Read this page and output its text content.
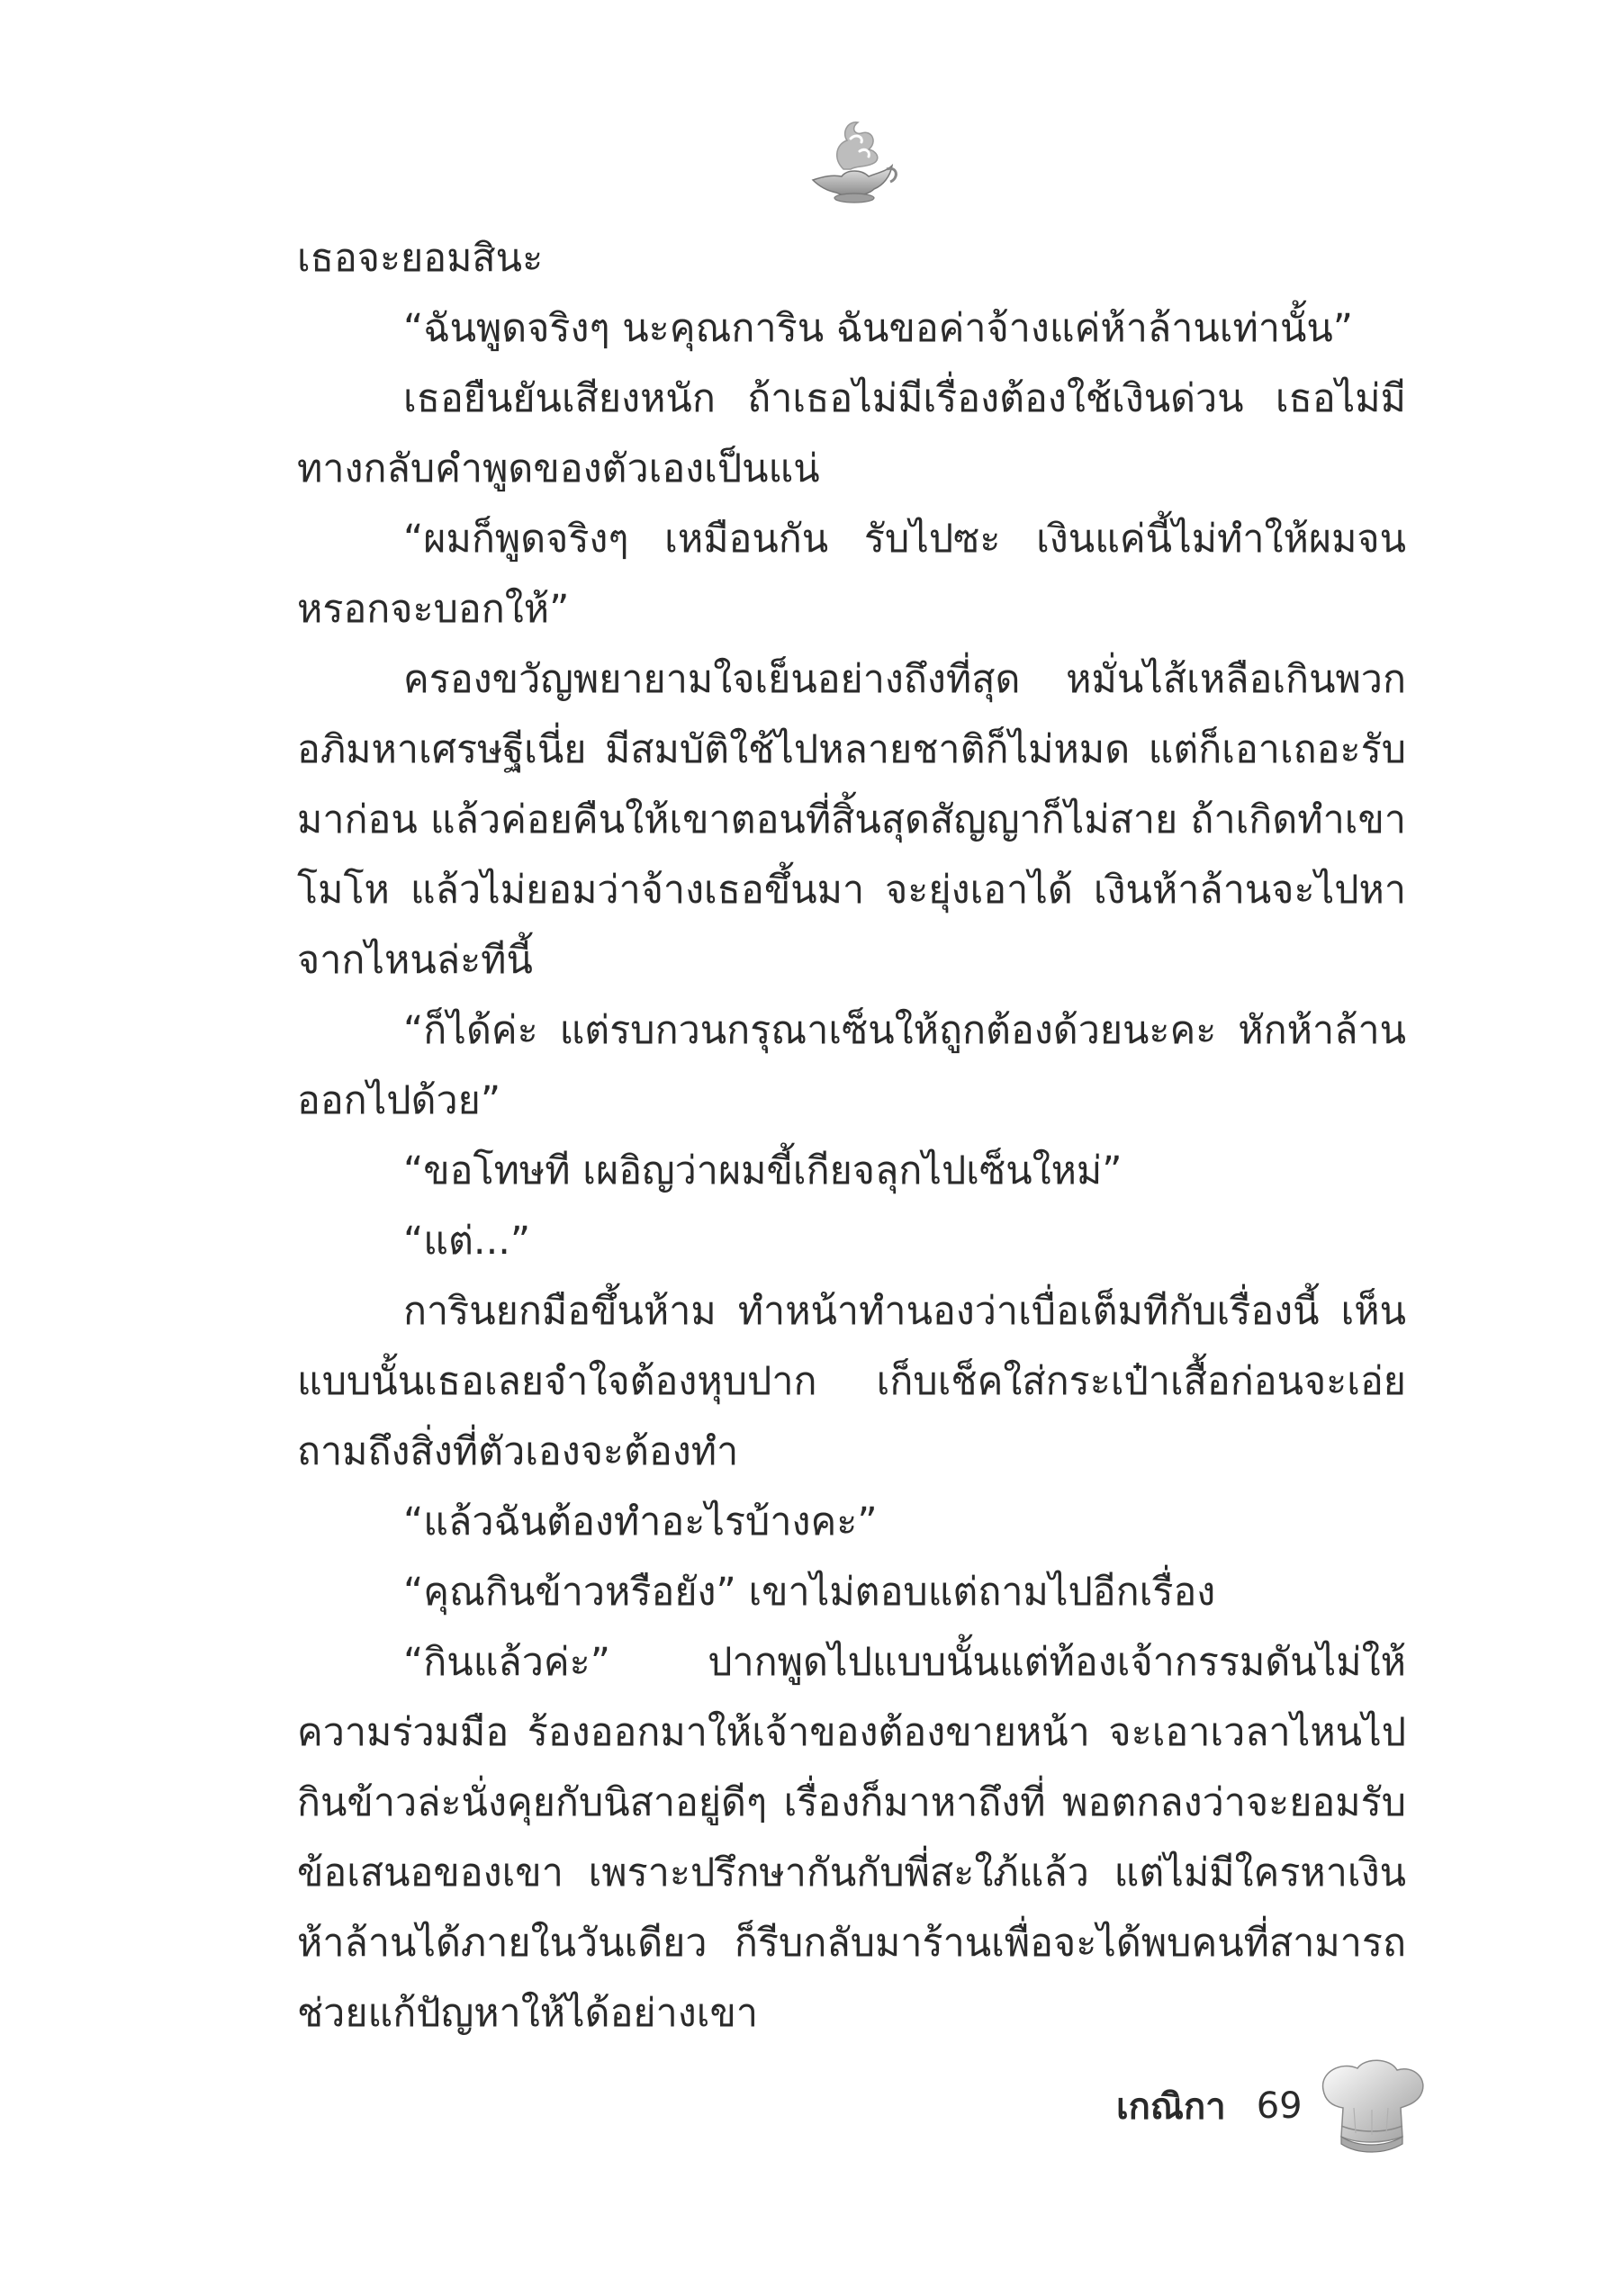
เธอจะยอมสินะ

“ฉันพูดจริงๆ นะคุณการิน ฉันขอค่าจ้างแค่ห้าล้านเท่านั้น”

เธอยืนยันเสียงหนัก ถ้าเธอไม่มีเรื่องต้องใช้เงินด่วน เธอไม่มีทางกลับคำพูดของตัวเองเป็นแน่

“ผมก็พูดจริงๆ เหมือนกัน รับไปซะ เงินแค่นี้ไม่ทำให้ผมจนหรอกจะบอกให้”

ครองขวัญพยายามใจเย็นอย่างถึงที่สุด หมั่นไส้เหลือเกินพวกอภิมหาเศรษฐีเนี่ย มีสมบัติใช้ไปหลายชาติก็ไม่หมด แต่ก็เอาเถอะรับมาก่อน แล้วค่อยคืนให้เขาตอนที่สิ้นสุดสัญญาก็ไม่สาย ถ้าเกิดทำเขาโมโห แล้วไม่ยอมว่าจ้างเธอขึ้นมา จะยุ่งเอาได้ เงินห้าล้านจะไปหาจากไหนล่ะทีนี้

“ก็ได้ค่ะ แต่รบกวนกรุณาเซ็นให้ถูกต้องด้วยนะคะ หักห้าล้านออกไปด้วย”

“ขอโทษที เผอิญว่าผมขี้เกียจลุกไปเซ็นใหม่”

“แต่...”

การินยกมือขึ้นห้าม ทำหน้าทำนองว่าเบื่อเต็มทีกับเรื่องนี้ เห็นแบบนั้นเธอเลยจำใจต้องหุบปาก เก็บเช็คใส่กระเป๋าเสื้อก่อนจะเอ่ยถามถึงสิ่งที่ตัวเองจะต้องทำ

“แล้วฉันต้องทำอะไรบ้างคะ”

“คุณกินข้าวหรือยัง” เขาไม่ตอบแต่ถามไปอีกเรื่อง

“กินแล้วค่ะ” ปากพูดไปแบบนั้นแต่ท้องเจ้ากรรมดันไม่ให้ความร่วมมือ ร้องออกมาให้เจ้าของต้องขายหน้า จะเอาเวลาไหนไปกินข้าวล่ะนั่งคุยกับนิสาอยู่ดีๆ เรื่องก็มาหาถึงที่ พอตกลงว่าจะยอมรับข้อเสนอของเขา เพราะปรึกษากันกับพี่สะใภ้แล้ว แต่ไม่มีใครหาเงินห้าล้านได้ภายในวันเดียว ก็รีบกลับมาร้านเพื่อจะได้พบคนที่สามารถช่วยแก้ปัญหาให้ได้อย่างเขา

เกณิกา 69
